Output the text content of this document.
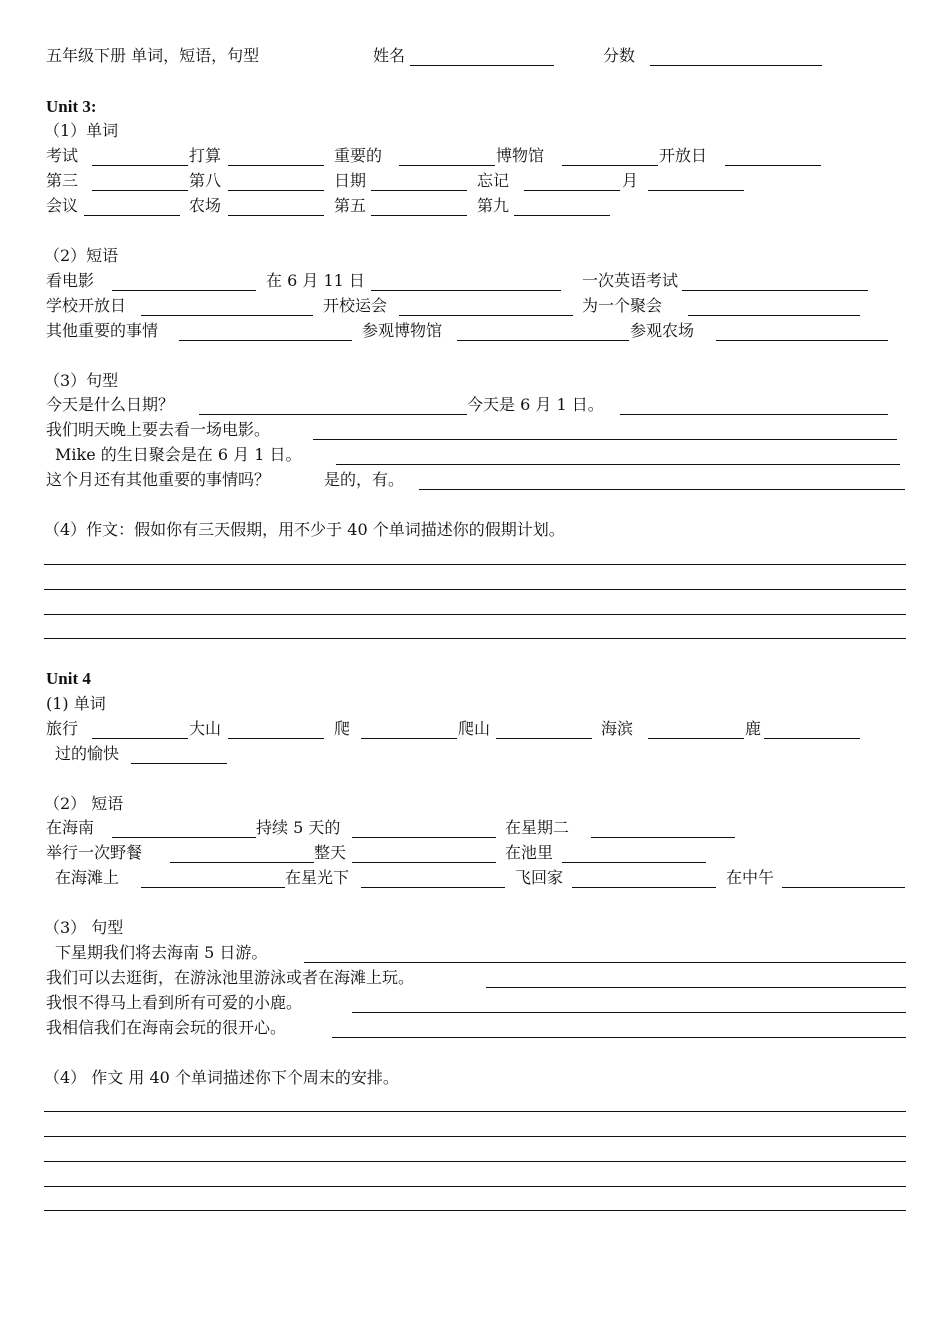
五年级下册 单词，短语，句型	姓名	分数
Unit 3:
（1）单词
考试	打算	重要的	博物馆	开放日
第三	第八	日期	忘记	月
会议	农场	第五	第九
（2）短语
看电影	在 6 月 11 日	一次英语考试
学校开放日	开校运会	为一个聚会
其他重要的事情	参观博物馆	参观农场
（3）句型
今天是什么日期？	今天是 6 月 1 日。
我们明天晚上要去看一场电影。
Mike 的生日聚会是在 6 月 1 日。
这个月还有其他重要的事情吗？	是的，有。
（4）作文：假如你有三天假期，用不少于 40 个单词描述你的假期计划。
Unit 4
(1) 单词
旅行	大山	爬	爬山	海滨	鹿
过的愉快
（2） 短语
在海南	持续 5 天的	在星期二
举行一次野餐	整天	在池里
在海滩上	在星光下	飞回家	在中午
（3） 句型
下星期我们将去海南 5 日游。
我们可以去逛街，在游泳池里游泳或者在海滩上玩。
我恨不得马上看到所有可爱的小鹿。
我相信我们在海南会玩的很开心。
（4） 作文 用 40 个单词描述你下个周末的安排。
